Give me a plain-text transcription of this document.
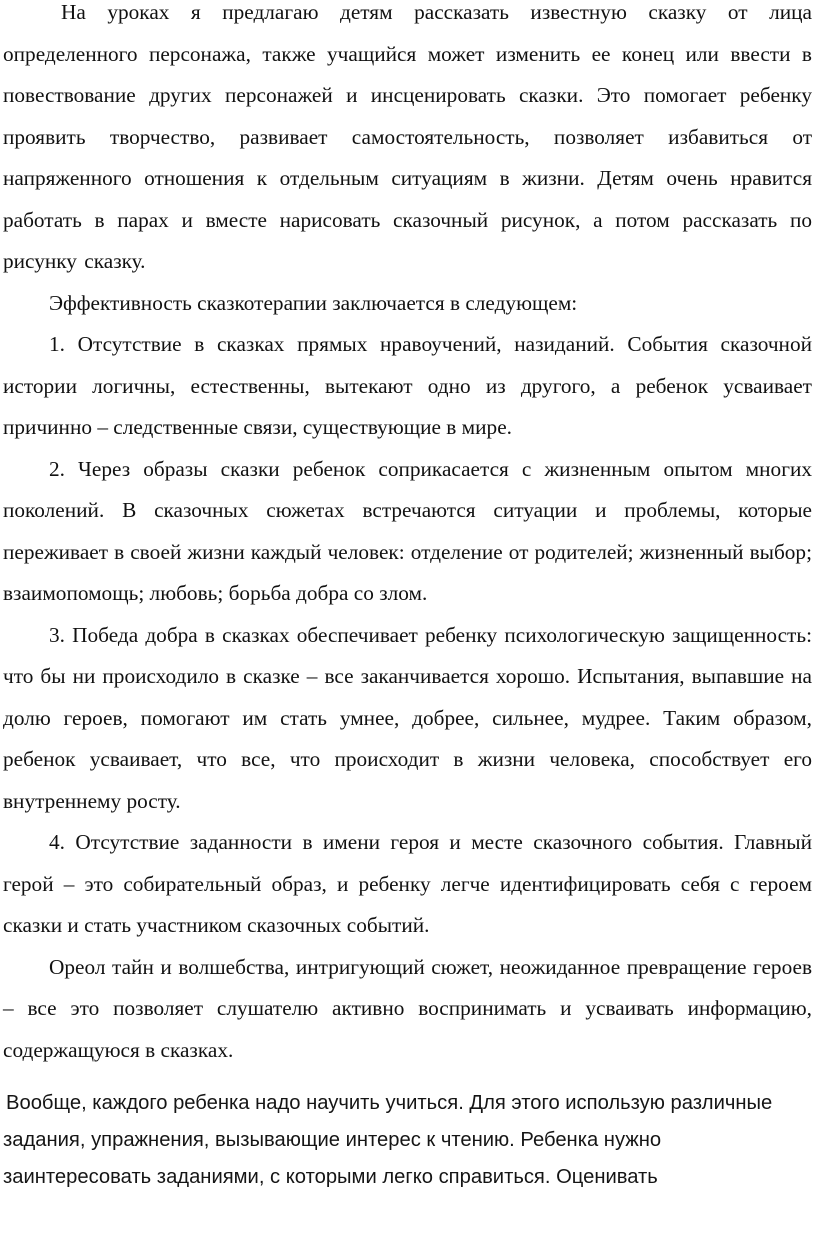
На уроках я предлагаю детям рассказать известную сказку от лица определенного персонажа, также учащийся может изменить ее конец или ввести в повествование других персонажей и инсценировать сказки. Это помогает ребенку проявить творчество, развивает самостоятельность, позволяет избавиться от напряженного отношения к отдельным ситуациям в жизни. Детям очень нравится работать в парах и вместе нарисовать сказочный рисунок, а потом рассказать по рисунку сказку.

Эффективность сказкотерапии заключается в следующем:

1. Отсутствие в сказках прямых нравоучений, назиданий. События сказочной истории логичны, естественны, вытекают одно из другого, а ребенок усваивает причинно – следственные связи, существующие в мире.

2. Через образы сказки ребенок соприкасается с жизненным опытом многих поколений. В сказочных сюжетах встречаются ситуации и проблемы, которые переживает в своей жизни каждый человек: отделение от родителей; жизненный выбор; взаимопомощь; любовь; борьба добра со злом.

3. Победа добра в сказках обеспечивает ребенку психологическую защищенность: что бы ни происходило в сказке – все заканчивается хорошо. Испытания, выпавшие на долю героев, помогают им стать умнее, добрее, сильнее, мудрее. Таким образом, ребенок усваивает, что все, что происходит в жизни человека, способствует его внутреннему росту.

4. Отсутствие заданности в имени героя и месте сказочного события. Главный герой – это собирательный образ, и ребенку легче идентифицировать себя с героем сказки и стать участником сказочных событий.

Ореол тайн и волшебства, интригующий сюжет, неожиданное превращение героев – все это позволяет слушателю активно воспринимать и усваивать информацию, содержащуюся в сказках.

Вообще, каждого ребенка надо научить учиться. Для этого использую различные задания, упражнения, вызывающие интерес к чтению. Ребенка нужно заинтересовать заданиями, с которыми легко справиться. Оценивать
